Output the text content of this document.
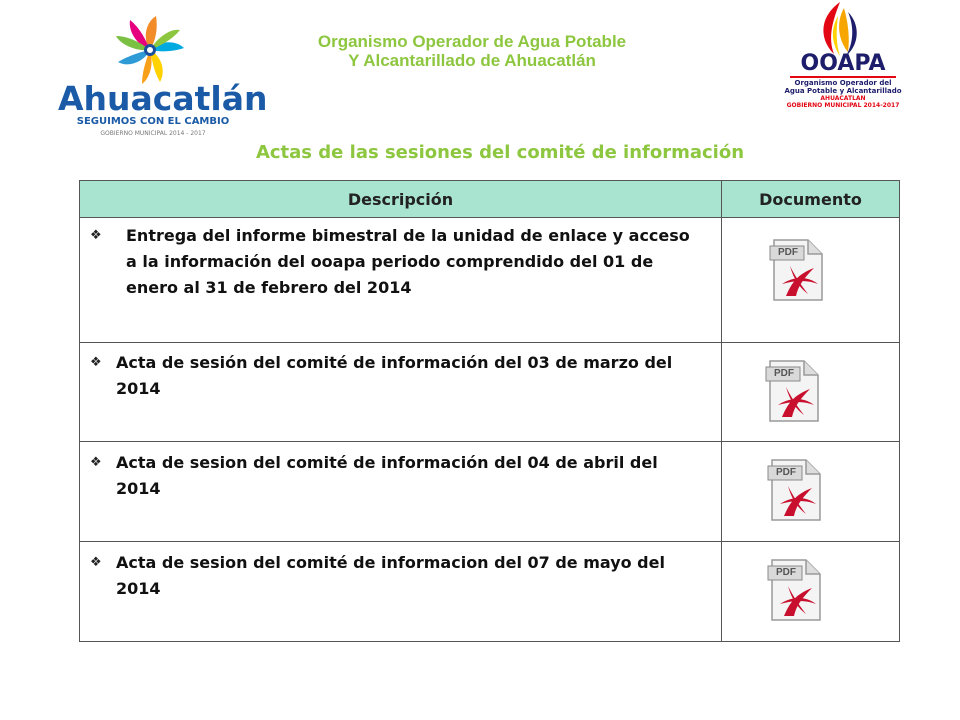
Ahuacatlán
SEGUIMOS CON EL CAMBIO
GOBIERNO MUNICIPAL 2014 - 2017
Organismo Operador de Agua Potable
Y Alcantarillado de Ahuacatlán	OOAPA
Organismo Operador del
Agua Potable y Alcantarillado
AHUACATLAN
GOBIERNO MUNICIPAL 2014-2017
Actas de las sesiones del comité de información
Descripción	Documento

❖ Entrega del informe bimestral de la unidad de enlace y acceso a la información del ooapa periodo comprendido del 01 de enero al 31 de febrero del 2014	PDF

❖ Acta de sesión del comité de información del 03 de marzo del 2014	PDF

❖ Acta de sesion del comité de información del 04 de abril del 2014	PDF

❖ Acta de sesion del comité de informacion del 07 de mayo del 2014	PDF
